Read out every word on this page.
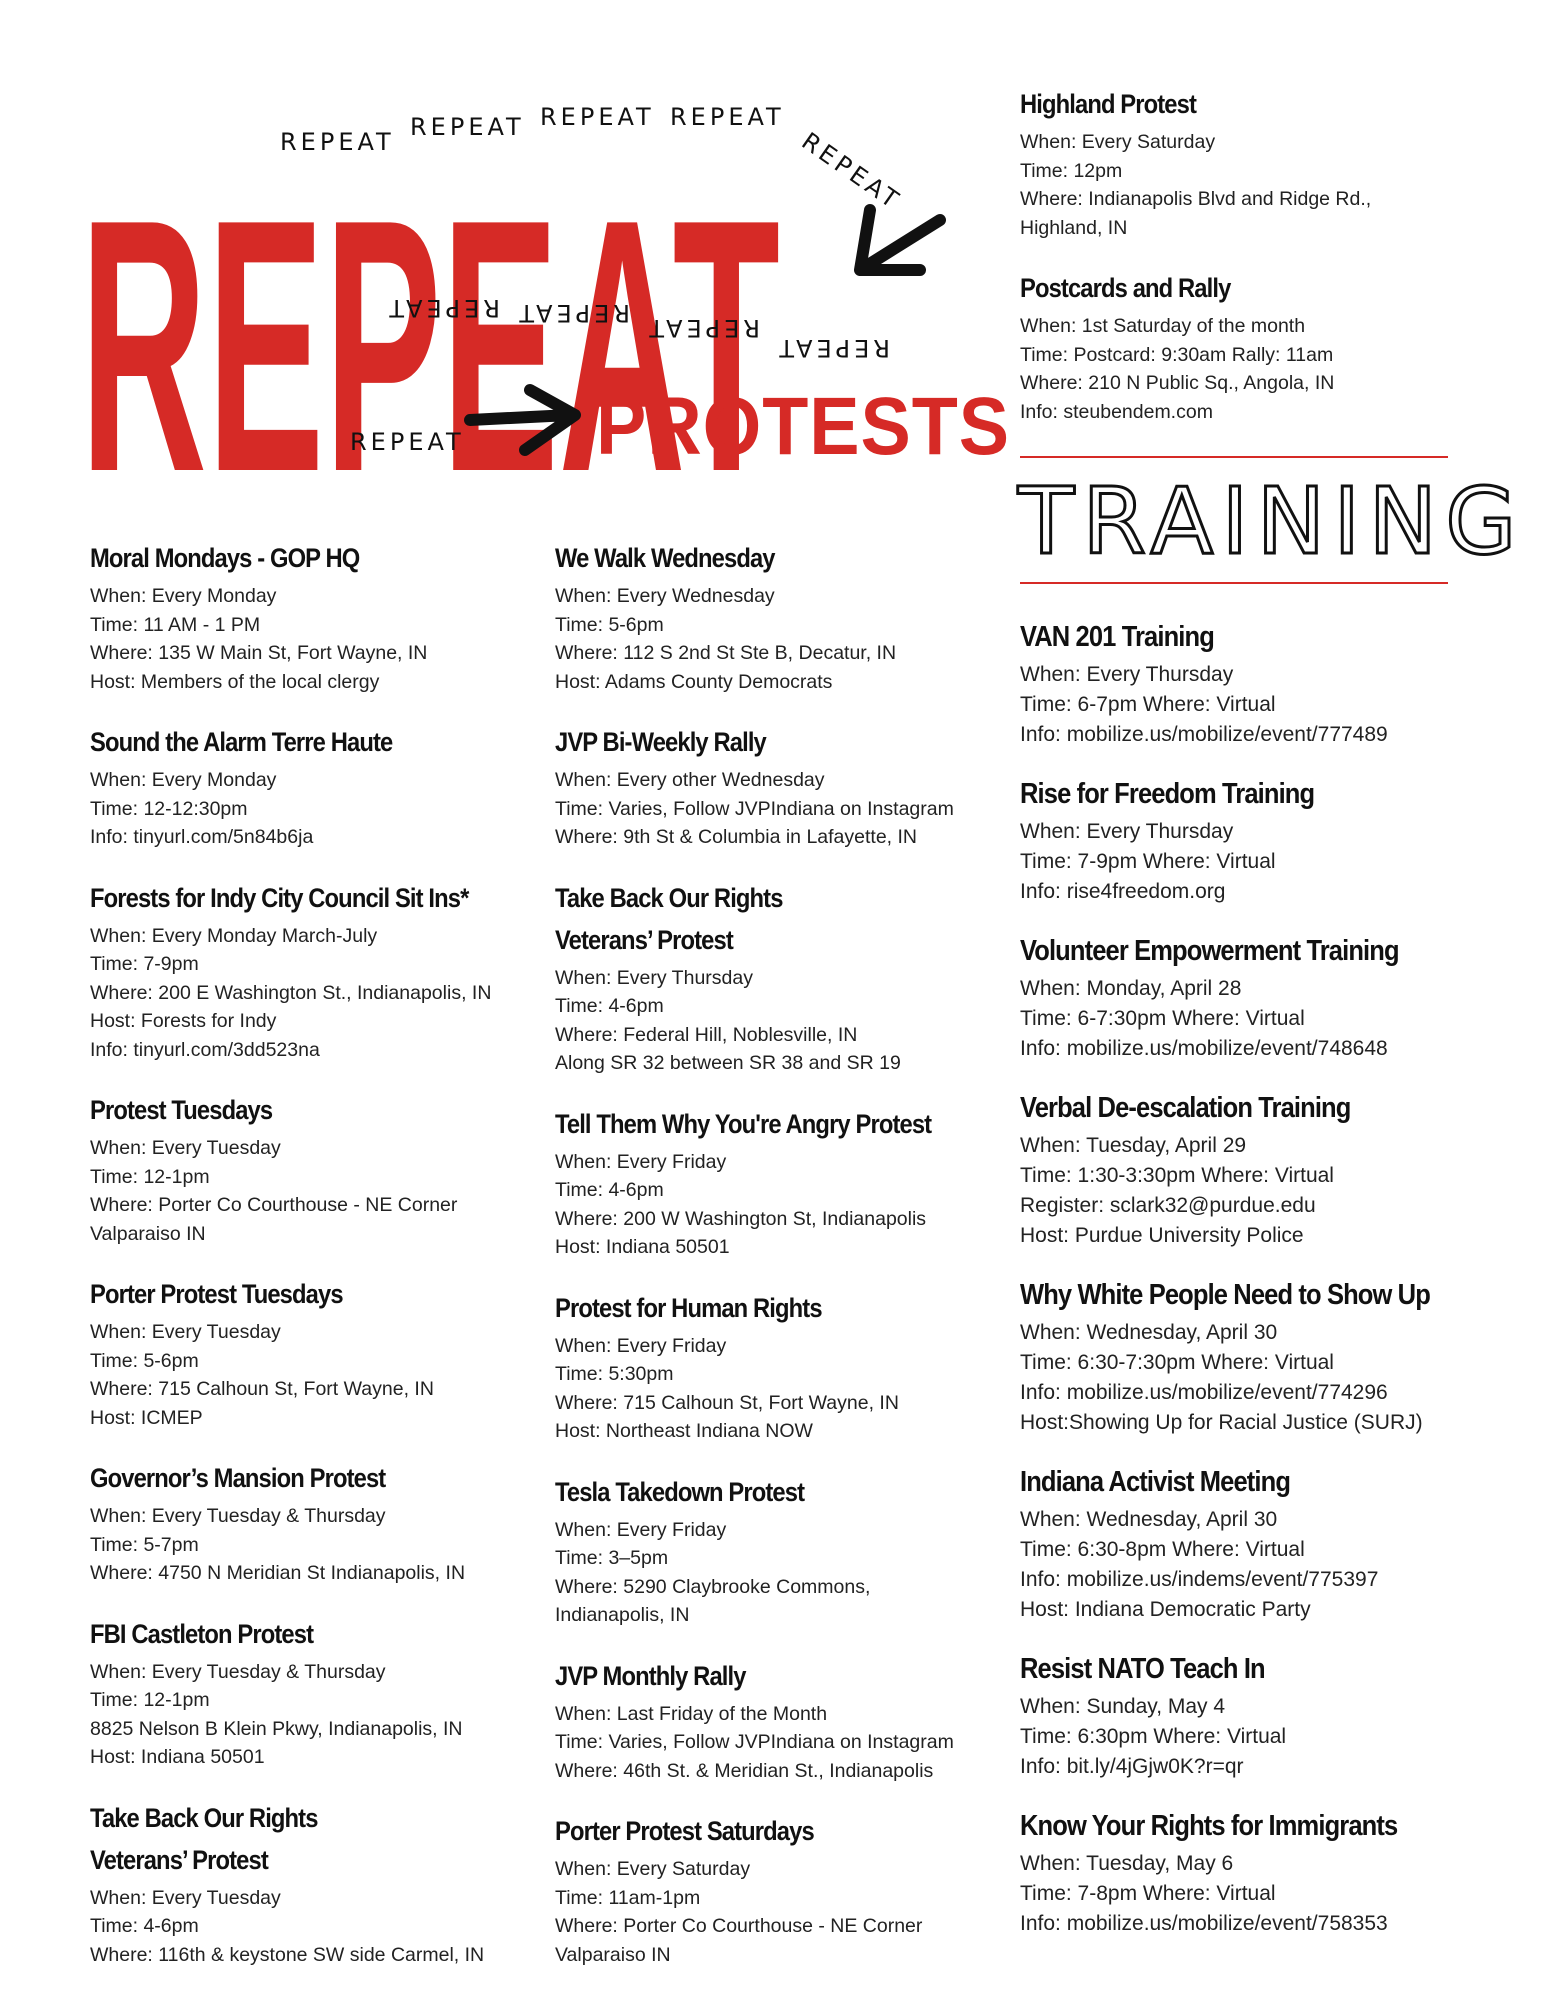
REPEAT
REPEAT REPEAT REPEAT REPEAT
REPEAT
REPEAT REPEAT REPEAT REPEAT
REPEAT PROTESTS
Highland Protest
When: Every Saturday
Time: 12pm
Where: Indianapolis Blvd and Ridge Rd.,
Highland, IN
Postcards and Rally
When: 1st Saturday of the month
Time: Postcard: 9:30am Rally: 11am
Where: 210 N Public Sq., Angola, IN
Info: steubendem.com
TRAINING
Moral Mondays - GOP HQ
When: Every Monday
Time: 11 AM - 1 PM
Where: 135 W Main St, Fort Wayne, IN
Host: Members of the local clergy
Sound the Alarm Terre Haute
When: Every Monday
Time: 12-12:30pm
Info: tinyurl.com/5n84b6ja
Forests for Indy City Council Sit Ins*
When: Every Monday March-July
Time: 7-9pm
Where: 200 E Washington St., Indianapolis, IN
Host: Forests for Indy
Info: tinyurl.com/3dd523na
Protest Tuesdays
When: Every Tuesday
Time: 12-1pm
Where: Porter Co Courthouse - NE Corner
Valparaiso IN
Porter Protest Tuesdays
When: Every Tuesday
Time: 5-6pm
Where: 715 Calhoun St, Fort Wayne, IN
Host: ICMEP
Governor’s Mansion Protest
When: Every Tuesday & Thursday
Time: 5-7pm
Where: 4750 N Meridian St Indianapolis, IN
FBI Castleton Protest
When: Every Tuesday & Thursday
Time: 12-1pm
8825 Nelson B Klein Pkwy, Indianapolis, IN
Host: Indiana 50501
Take Back Our Rights
Veterans’ Protest
When: Every Tuesday
Time: 4-6pm
Where: 116th & keystone SW side Carmel, IN
We Walk Wednesday
When: Every Wednesday
Time: 5-6pm
Where: 112 S 2nd St Ste B, Decatur, IN
Host: Adams County Democrats
JVP Bi-Weekly Rally
When: Every other Wednesday
Time: Varies, Follow JVPIndiana on Instagram
Where: 9th St & Columbia in Lafayette, IN
Take Back Our Rights
Veterans’ Protest
When: Every Thursday
Time: 4-6pm
Where: Federal Hill, Noblesville, IN
Along SR 32 between SR 38 and SR 19
Tell Them Why You're Angry Protest
When: Every Friday
Time: 4-6pm
Where: 200 W Washington St, Indianapolis
Host: Indiana 50501
Protest for Human Rights
When: Every Friday
Time: 5:30pm
Where: 715 Calhoun St, Fort Wayne, IN
Host: Northeast Indiana NOW
Tesla Takedown Protest
When: Every Friday
Time: 3–5pm
Where: 5290 Claybrooke Commons,
Indianapolis, IN
JVP Monthly Rally
When: Last Friday of the Month
Time: Varies, Follow JVPIndiana on Instagram
Where: 46th St. & Meridian St., Indianapolis
Porter Protest Saturdays
When: Every Saturday
Time: 11am-1pm
Where: Porter Co Courthouse - NE Corner
Valparaiso IN
VAN 201 Training
When: Every Thursday
Time: 6-7pm Where: Virtual
Info: mobilize.us/mobilize/event/777489
Rise for Freedom Training
When: Every Thursday
Time: 7-9pm Where: Virtual
Info: rise4freedom.org
Volunteer Empowerment Training
When: Monday, April 28
Time: 6-7:30pm Where: Virtual
Info: mobilize.us/mobilize/event/748648
Verbal De-escalation Training
When: Tuesday, April 29
Time: 1:30-3:30pm Where: Virtual
Register: sclark32@purdue.edu
Host: Purdue University Police
Why White People Need to Show Up
When: Wednesday, April 30
Time: 6:30-7:30pm Where: Virtual
Info: mobilize.us/mobilize/event/774296
Host:Showing Up for Racial Justice (SURJ)
Indiana Activist Meeting
When: Wednesday, April 30
Time: 6:30-8pm Where: Virtual
Info: mobilize.us/indems/event/775397
Host: Indiana Democratic Party
Resist NATO Teach In
When: Sunday, May 4
Time: 6:30pm Where: Virtual
Info: bit.ly/4jGjw0K?r=qr
Know Your Rights for Immigrants
When: Tuesday, May 6
Time: 7-8pm Where: Virtual
Info: mobilize.us/mobilize/event/758353
